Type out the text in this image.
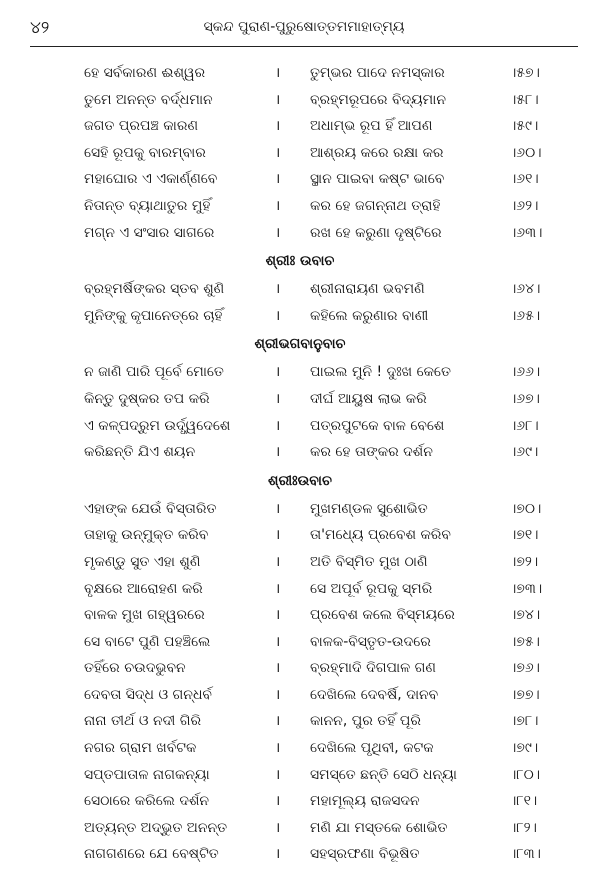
୪୨	ସ୍କନ୍ଦ ପୁରାଣ-ପୁରୁଷୋତ୍ତମମାହାତ୍ମ୍ୟ
ହେ ସର୍ବକାରଣ ଈଶ୍ୱର	। ତୁମ୍ଭର ପାଦେ ନମସ୍କାର	।୫୭।
ତୁମେ ଅନନ୍ତ ବର୍ଦ୍ଧମାନ	। ବ୍ରହ୍ମରୂପରେ ବିଦ୍ୟମାନ	।୫୮।
ଜଗତ ପ୍ରପଞ୍ଚ କାରଣ	। ଅଧାମ୍ଭ ରୂପ ହିଁ ଆପଣ	।୫୯।
ସେହି ରୂପକୁ ବାରମ୍ବାର	। ଆଶ୍ରୟ କରେ ରକ୍ଷା କର	।୬୦।
ମହାଘୋର ଏ ଏକାର୍ଣ୍ଣବେ	। ସ୍ଥାନ ପାଇବା କଷ୍ଟ ଭାବେ	।୬୧।
ନିତାନ୍ତ ବ୍ୟାଥାତୁର ମୁହିଁ	। କର ହେ ଜଗନ୍ନାଥ ତ୍ରାହି	।୬୨।
ମଗ୍ନ ଏ ସଂସାର ସାଗରେ	। ରଖ ହେ କରୁଣା ଦୃଷ୍ଟିରେ	।୬୩।
ଶ୍ରୀଃ ଉବାଚ
ବ୍ରହ୍ମର୍ଷିଙ୍କର ସ୍ତବ ଶୁଣି	। ଶ୍ରୀନାରାୟଣ ଭବମଣି	।୬୪।
ମୁନିଙ୍କୁ କୃପାନେତ୍ରେ ଚାହିଁ	। କହିଲେ କରୁଣାର ବାଣୀ	।୬୫।
ଶ୍ରୀଭଗବାନୁବାଚ
ନ ଜାଣି ପାରି ପୂର୍ବେ ମୋତେ	। ପାଇଲ ମୁନି ! ଦୁଃଖ କେତେ	।୬୬।
କିନ୍ତୁ ଦୁଷ୍କର ତପ କରି	। ଦୀର୍ଘ ଆୟୁଷ ଲାଭ କରି	।୬୭।
ଏ କଳ୍ପଦ୍ରୁମ ଉର୍ଦ୍ଧ୍ୱଦେଶେ	। ପତ୍ରପୁଟକେ ବାଳ ବେଶେ	।୬୮।
କରିଛନ୍ତି ଯିଏ ଶୟନ	। କର ହେ ତାଙ୍କର ଦର୍ଶନ	।୬୯।
ଶ୍ରୀଃଉବାଚ
ଏହାଙ୍କ ଯେଉଁ ବିସ୍ତାରିତ	। ମୁଖମଣ୍ଡଳ ସୁଶୋଭିତ	।୭୦।
ତାହାକୁ ଉନ୍ମୁକ୍ତ କରିବ	। ତା'ମଧ୍ୟେ ପ୍ରବେଶ କରିବ	।୭୧।
ମୃକଣ୍ଡୁ ସୁତ ଏହା ଶୁଣି	। ଅତି ବିସ୍ମିତ ମୁଖ ଠାଣି	।୭୨।
ବୃକ୍ଷରେ ଆରୋହଣ କରି	। ସେ ଅପୂର୍ବ ରୂପକୁ ସ୍ମରି	।୭୩।
ବାଳକ ମୁଖ ଗହ୍ୱରରେ	। ପ୍ରବେଶ କଲେ ବିସ୍ମୟରେ	।୭୪।
ସେ ବାଟେ ପୁଣି ପହଞ୍ଚିଲେ	। ବାଳକ-ବିସ୍ତୃତ-ଉଦରେ	।୭୫।
ତହିଁରେ ଚଉଦଭୁବନ	। ବ୍ରହ୍ମାଦି ଦିଗପାଳ ଗଣ	।୭୬।
ଦେବତା ସିଦ୍ଧ ଓ ଗନ୍ଧର୍ବ	। ଦେଖିଲେ ଦେବର୍ଷି, ଦାନବ	।୭୭।
ନାନା ତୀର୍ଥ ଓ ନଦୀ ଗିରି	। କାନନ, ପୁର ତହିଁ ପୂରି	।୭୮।
ନଗର ଗ୍ରାମ ଖର୍ବଟକ	। ଦେଖିଲେ ପୃଥିବୀ, କଟକ	।୭୯।
ସପ୍ତପାତାଳ ନାଗକନ୍ୟା	। ସମସ୍ତେ ଛନ୍ତି ସେଠି ଧନ୍ୟା	।୮୦।
ସେଠାରେ କରିଲେ ଦର୍ଶନ	। ମହାମୂଲ୍ୟ ରାଜସଦନ	।୮୧।
ଅତ୍ୟନ୍ତ ଅଦ୍ଭୁତ ଅନନ୍ତ	। ମଣି ଯା ମସ୍ତକେ ଶୋଭିତ	।୮୨।
ନାଗଗଣରେ ଯେ ବେଷ୍ଟିତ	। ସହସ୍ରଫଣା ବିଭୂଷିତ	।୮୩।
